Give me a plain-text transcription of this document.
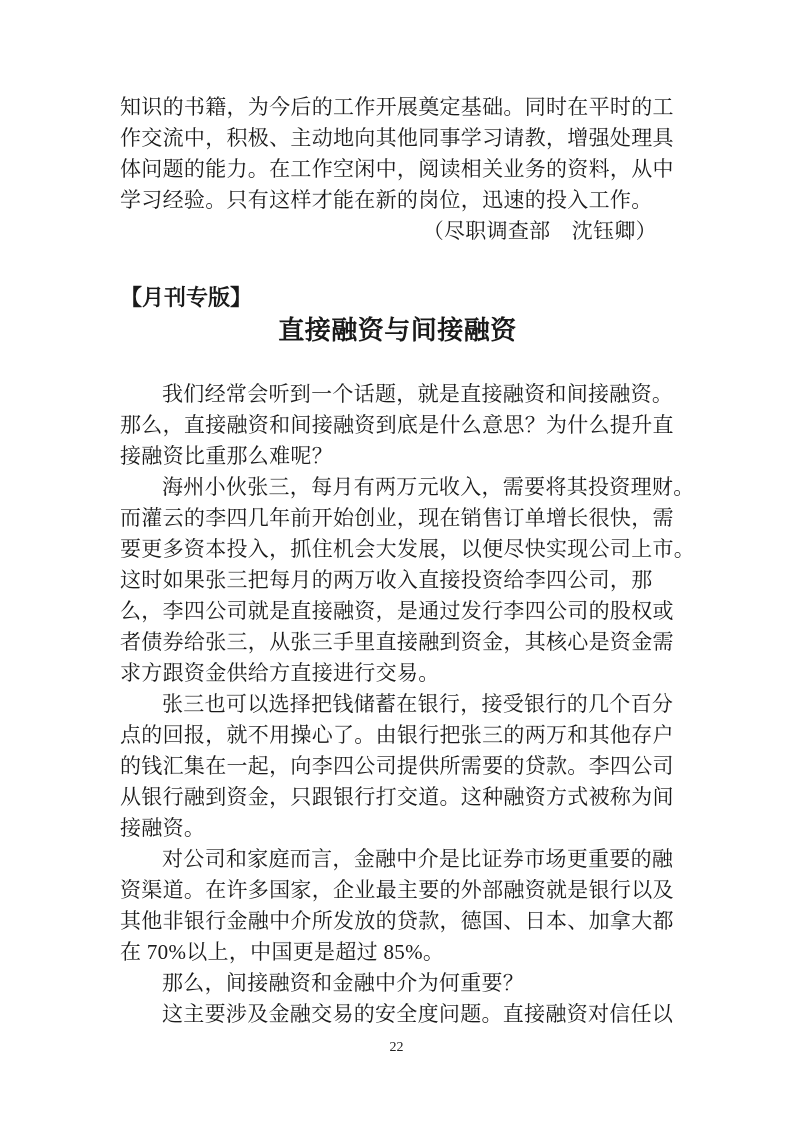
知识的书籍，为今后的工作开展奠定基础。同时在平时的工
作交流中，积极、主动地向其他同事学习请教，增强处理具
体问题的能力。在工作空闲中，阅读相关业务的资料，从中
学习经验。只有这样才能在新的岗位，迅速的投入工作。
（尽职调查部　沈钰卿）
【月刊专版】
直接融资与间接融资
我们经常会听到一个话题，就是直接融资和间接融资。
那么，直接融资和间接融资到底是什么意思？为什么提升直
接融资比重那么难呢？
海州小伙张三，每月有两万元收入，需要将其投资理财。
而灌云的李四几年前开始创业，现在销售订单增长很快，需
要更多资本投入，抓住机会大发展，以便尽快实现公司上市。
这时如果张三把每月的两万收入直接投资给李四公司，那
么，李四公司就是直接融资，是通过发行李四公司的股权或
者债券给张三，从张三手里直接融到资金，其核心是资金需
求方跟资金供给方直接进行交易。
张三也可以选择把钱储蓄在银行，接受银行的几个百分
点的回报，就不用操心了。由银行把张三的两万和其他存户
的钱汇集在一起，向李四公司提供所需要的贷款。李四公司
从银行融到资金，只跟银行打交道。这种融资方式被称为间
接融资。
对公司和家庭而言，金融中介是比证券市场更重要的融
资渠道。在许多国家，企业最主要的外部融资就是银行以及
其他非银行金融中介所发放的贷款，德国、日本、加拿大都
在 70%以上，中国更是超过 85%。
那么，间接融资和金融中介为何重要？
这主要涉及金融交易的安全度问题。直接融资对信任以
22
